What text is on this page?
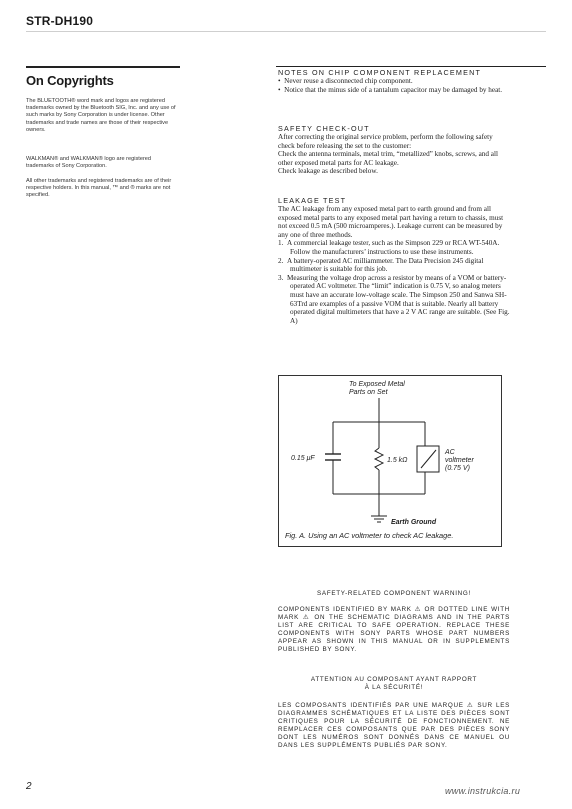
STR-DH190
On Copyrights
The BLUETOOTH® word mark and logos are registered trademarks owned by the Bluetooth SIG, Inc. and any use of such marks by Sony Corporation is under license. Other trademarks and trade names are those of their respective owners.
WALKMAN® and WALKMAN® logo are registered trademarks of Sony Corporation.
All other trademarks and registered trademarks are of their respective holders. In this manual, ™ and ® marks are not specified.
NOTES ON CHIP COMPONENT REPLACEMENT
•  Never reuse a disconnected chip component.
•  Notice that the minus side of a tantalum capacitor may be damaged by heat.
SAFETY CHECK-OUT
After correcting the original service problem, perform the following safety check before releasing the set to the customer:
Check the antenna terminals, metal trim, “metallized” knobs, screws, and all other exposed metal parts for AC leakage.
Check leakage as described below.
LEAKAGE TEST
The AC leakage from any exposed metal part to earth ground and from all exposed metal parts to any exposed metal part having a return to chassis, must not exceed 0.5 mA (500 microamperes.). Leakage current can be measured by any one of three methods.
1.  A commercial leakage tester, such as the Simpson 229 or RCA WT-540A. Follow the manufacturers’ instructions to use these instruments.
2.  A battery-operated AC milliammeter. The Data Precision 245 digital multimeter is suitable for this job.
3.  Measuring the voltage drop across a resistor by means of a VOM or battery-operated AC voltmeter. The “limit” indication is 0.75 V, so analog meters must have an accurate low-voltage scale. The Simpson 250 and Sanwa SH-63Trd are examples of a passive VOM that is suitable. Nearly all battery operated digital multimeters that have a 2 V AC range are suitable. (See Fig. A)
To Exposed Metal
Parts on Set
0.15 μF	1.5 kΩ
AC
voltmeter
(0.75 V)
Earth Ground
Fig. A. Using an AC voltmeter to check AC leakage.
SAFETY-RELATED COMPONENT WARNING!
COMPONENTS IDENTIFIED BY MARK ⚠ OR DOTTED LINE WITH MARK ⚠ ON THE SCHEMATIC DIAGRAMS AND IN THE PARTS LIST ARE CRITICAL TO SAFE OPERATION. REPLACE THESE COMPONENTS WITH SONY PARTS WHOSE PART NUMBERS APPEAR AS SHOWN IN THIS MANUAL OR IN SUPPLEMENTS PUBLISHED BY SONY.
ATTENTION AU COMPOSANT AYANT RAPPORT
À LA SÉCURITÉ!
LES COMPOSANTS IDENTIFIÉS PAR UNE MARQUE ⚠ SUR LES DIAGRAMMES SCHÉMATIQUES ET LA LISTE DES PIÈCES SONT CRITIQUES POUR LA SÉCURITÉ DE FONCTIONNEMENT. NE REMPLACER CES COMPOSANTS QUE PAR DES PIÈCES SONY DONT LES NUMÉROS SONT DONNÉS DANS CE MANUEL OU DANS LES SUPPLÉMENTS PUBLIÉS PAR SONY.
2	www.instrukcia.ru
